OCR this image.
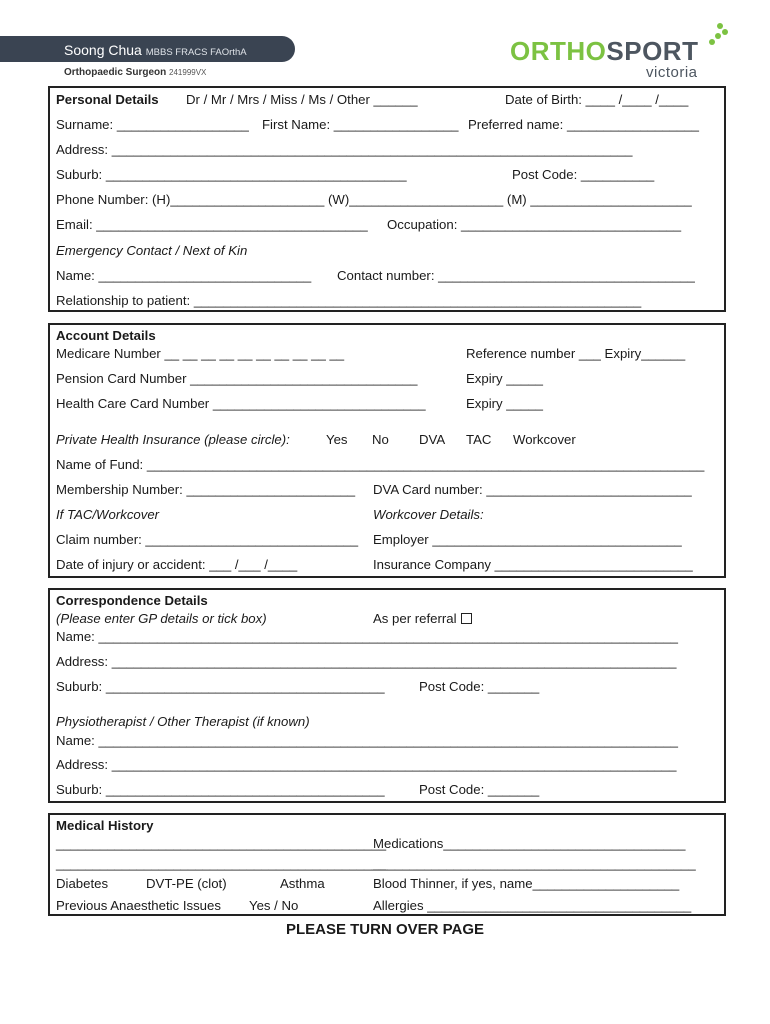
Soong Chua MBBS FRACS FAOrthA
Orthopaedic Surgeon 241999VX
ORTHOSPORT
victoria
Personal Details Dr / Mr / Mrs / Miss / Ms / Other ______	Date of Birth: ____ /____ /____
Surname: __________________ First Name: _________________ Preferred name: __________________
Address: _______________________________________________________________________
Suburb: _________________________________________	Post Code: __________
Phone Number: (H)_____________________ (W)_____________________ (M) ______________________
Email: _____________________________________ Occupation: ______________________________
Emergency Contact / Next of Kin
Name: _____________________________ Contact number: ___________________________________
Relationship to patient: _____________________________________________________________
Account Details
Medicare Number __ __ __ __ __ __ __ __ __ __	Reference number ___ Expiry______
Pension Card Number _______________________________	Expiry _____
Health Care Card Number _____________________________	Expiry _____
Private Health Insurance (please circle):	Yes No DVA TAC Workcover
Name of Fund: ____________________________________________________________________________
Membership Number: _______________________ DVA Card number: ____________________________
If TAC/Workcover	Workcover Details:
Claim number: _____________________________ Employer __________________________________
Date of injury or accident: ___ /___ /____	Insurance Company ___________________________
Correspondence Details
(Please enter GP details or tick box)	As per referral
Name: _______________________________________________________________________________
Address: _____________________________________________________________________________
Suburb: ______________________________________	Post Code: _______
Physiotherapist / Other Therapist (if known)
Name: _______________________________________________________________________________
Address: _____________________________________________________________________________
Suburb: ______________________________________	Post Code: _______
Medical History
_____________________________________________
Medications_________________________________
_____________________________________________
____________________________________________
Diabetes	DVT-PE (clot)	Asthma	Blood Thinner, if yes, name____________________
Previous Anaesthetic Issues Yes / No	Allergies ____________________________________
PLEASE TURN OVER PAGE
